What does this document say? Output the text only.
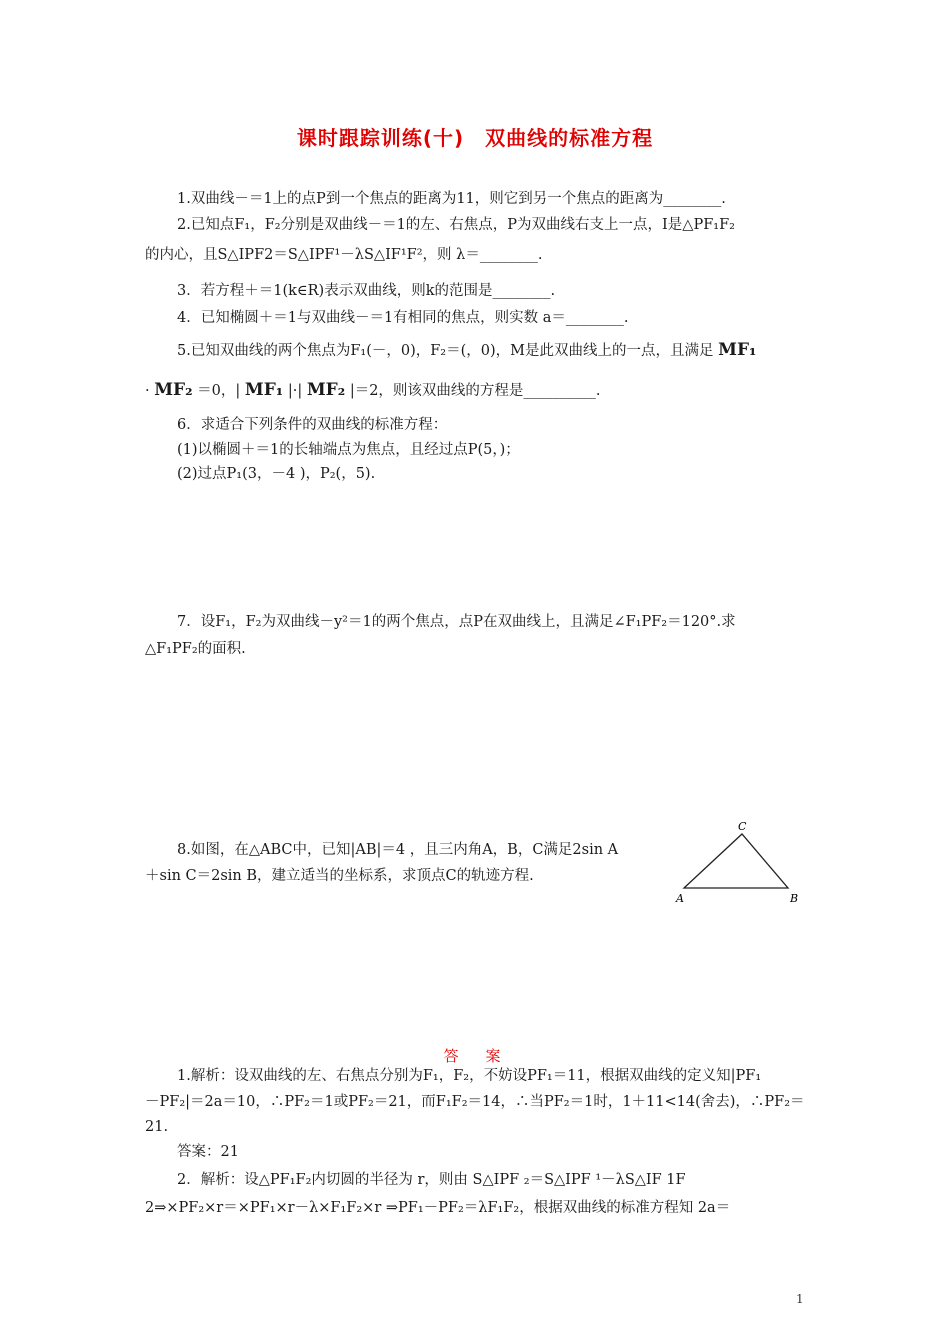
课时跟踪训练(十)　双曲线的标准方程
1.双曲线－＝1上的点P到一个焦点的距离为11，则它到另一个焦点的距离为________.
2.已知点F₁，F₂分别是双曲线－＝1的左、右焦点，P为双曲线右支上一点，I是△PF₁F₂
的内心，且S△IPF2＝S△IPF¹－λS△IF¹F²，则 λ＝________.
3．若方程＋＝1(k∈R)表示双曲线，则k的范围是________.
4．已知椭圆＋＝1与双曲线－＝1有相同的焦点，则实数 a＝________.
5.已知双曲线的两个焦点为F₁(－，0)，F₂＝(，0)，M是此双曲线上的一点，且满足 MF₁
· MF₂ ＝0，| MF₁ |·| MF₂ |＝2，则该双曲线的方程是__________.
6．求适合下列条件的双曲线的标准方程：
(1)以椭圆＋＝1的长轴端点为焦点，且经过点P(5，)；
(2)过点P₁(3，－4 )，P₂(，5).
7．设F₁，F₂为双曲线－y²＝1的两个焦点，点P在双曲线上，且满足∠F₁PF₂＝120°.求
△F₁PF₂的面积.
8.如图，在△ABC中，已知|AB|＝4 ，且三内角A，B，C满足2sin A
＋sin C＝2sin B，建立适当的坐标系，求顶点C的轨迹方程.
C
A	B
答　案
1.解析：设双曲线的左、右焦点分别为F₁，F₂，不妨设PF₁＝11，根据双曲线的定义知|PF₁
－PF₂|＝2a＝10，∴PF₂＝1或PF₂＝21，而F₁F₂＝14，∴当PF₂＝1时，1＋11<14(舍去)，∴PF₂＝
21.
答案：21
2．解析：设△PF₁F₂内切圆的半径为 r，则由 S△IPF ₂＝S△IPF ¹－λS△IF 1F
2⇒×PF₂×r＝×PF₁×r－λ×F₁F₂×r ⇒PF₁－PF₂＝λF₁F₂，根据双曲线的标准方程知 2a＝
1
